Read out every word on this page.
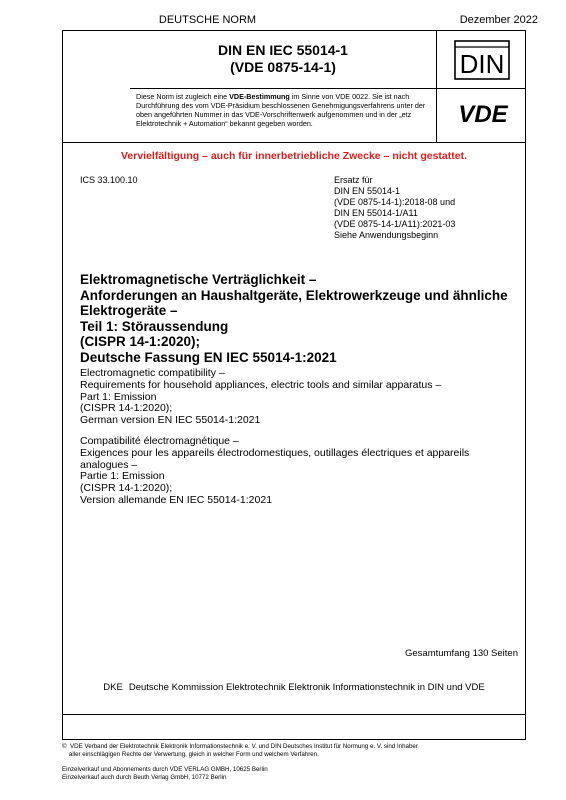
DEUTSCHE NORM	Dezember 2022
DIN EN IEC 55014-1
(VDE 0875-14-1)	DIN
Diese Norm ist zugleich eine VDE-Bestimmung im Sinne von VDE 0022. Sie ist nach Durchführung des vom VDE-Präsidium beschlossenen Genehmigungsverfahrens unter der oben angeführten Nummer in das VDE-Vorschriftenwerk aufgenommen und in der „etz Elektrotechnik + Automation“ bekannt gegeben worden.	VDE
Vervielfältigung – auch für innerbetriebliche Zwecke – nicht gestattet.
ICS 33.100.10	Ersatz für
DIN EN 55014-1
(VDE 0875-14-1):2018-08 und
DIN EN 55014-1/A11
(VDE 0875-14-1/A11):2021-03
Siehe Anwendungsbeginn
Elektromagnetische Verträglichkeit –
Anforderungen an Haushaltgeräte, Elektrowerkzeuge und ähnliche
Elektrogeräte –
Teil 1: Störaussendung
(CISPR 14-1:2020);
Deutsche Fassung EN IEC 55014-1:2021
Electromagnetic compatibility –
Requirements for household appliances, electric tools and similar apparatus –
Part 1: Emission
(CISPR 14-1:2020);
German version EN IEC 55014-1:2021
Compatibilité électromagnétique –
Exigences pour les appareils électrodomestiques, outillages électriques et appareils
analogues –
Partie 1: Emission
(CISPR 14-1:2020);
Version allemande EN IEC 55014-1:2021
Gesamtumfang 130 Seiten
DKE Deutsche Kommission Elektrotechnik Elektronik Informationstechnik in DIN und VDE
©  VDE Verband der Elektrotechnik Elektronik Informationstechnik e. V. und DIN Deutsches Institut für Normung e. V. sind Inhaber
aller einschlägigen Rechte der Verwertung, gleich in welcher Form und welchem Verfahren.
Einzelverkauf und Abonnements durch VDE VERLAG GMBH, 10625 Berlin
Einzelverkauf auch durch Beuth Verlag GmbH, 10772 Berlin
